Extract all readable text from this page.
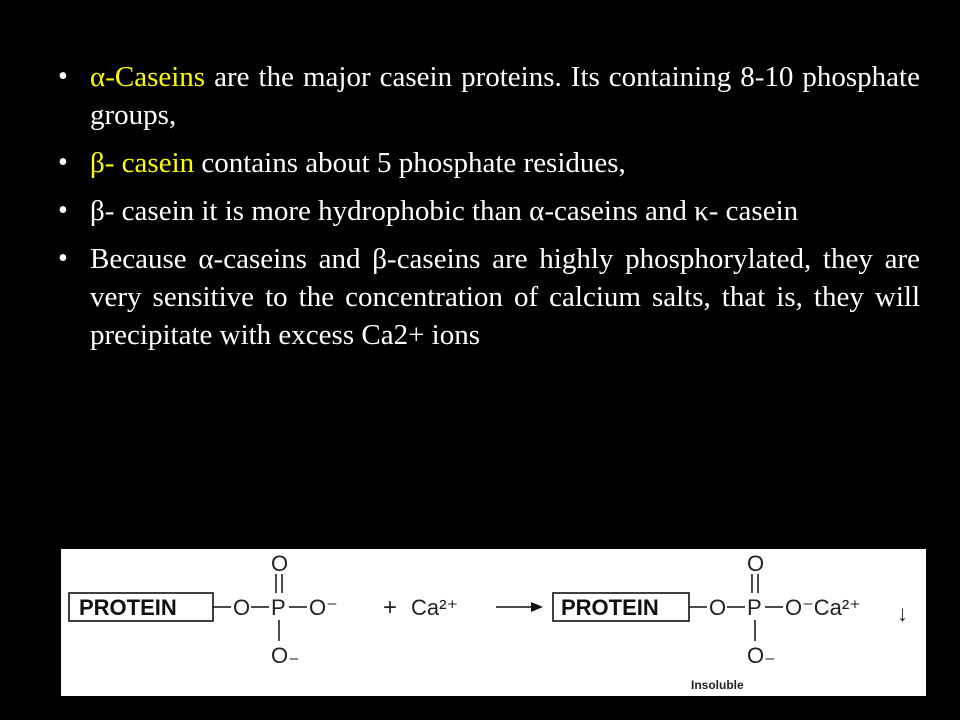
• α-Caseins are the major casein proteins. Its containing 8-10 phosphate groups,
• β- casein contains about 5 phosphate residues,
• β- casein it is more hydrophobic than α-caseins and κ- casein
• Because α-caseins and β-caseins are highly phosphorylated, they are very sensitive to the concentration of calcium salts, that is, they will precipitate with excess Ca2+ ions
PROTEIN	O P O⁻
O
O₋
+ Ca²⁺	PROTEIN O P O⁻Ca²⁺ ↓
O
O₋
Insoluble
